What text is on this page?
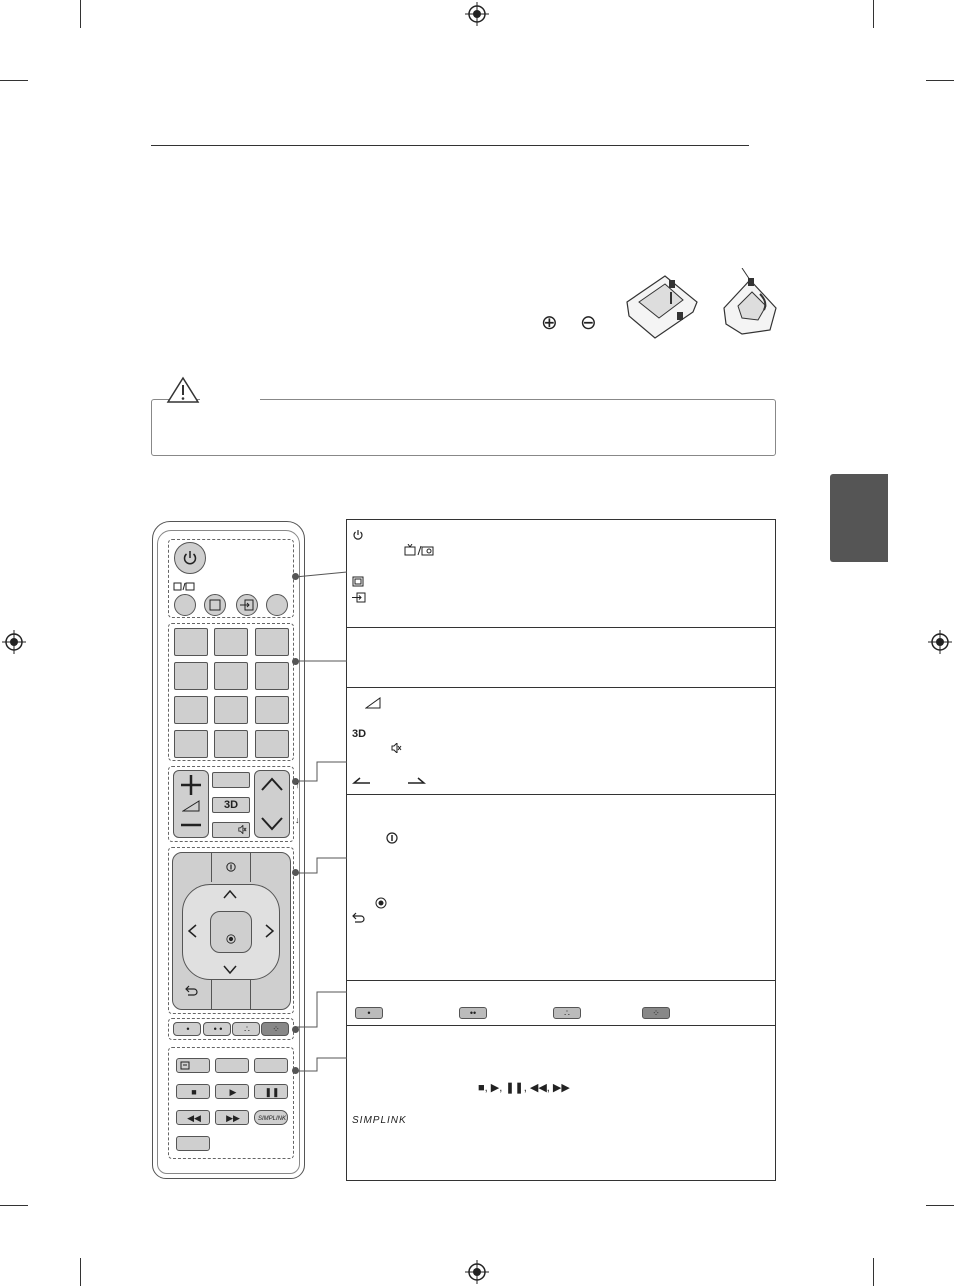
⊕ ⊖
3D
•	••	∴	⁘
■, ▶, ❚❚, ◀◀, ▶▶
SIMPLINK
3D
•	• •	∴	⁘
■	▶	❚❚
◀◀	▶▶	SIMPLINK
↑
↓
